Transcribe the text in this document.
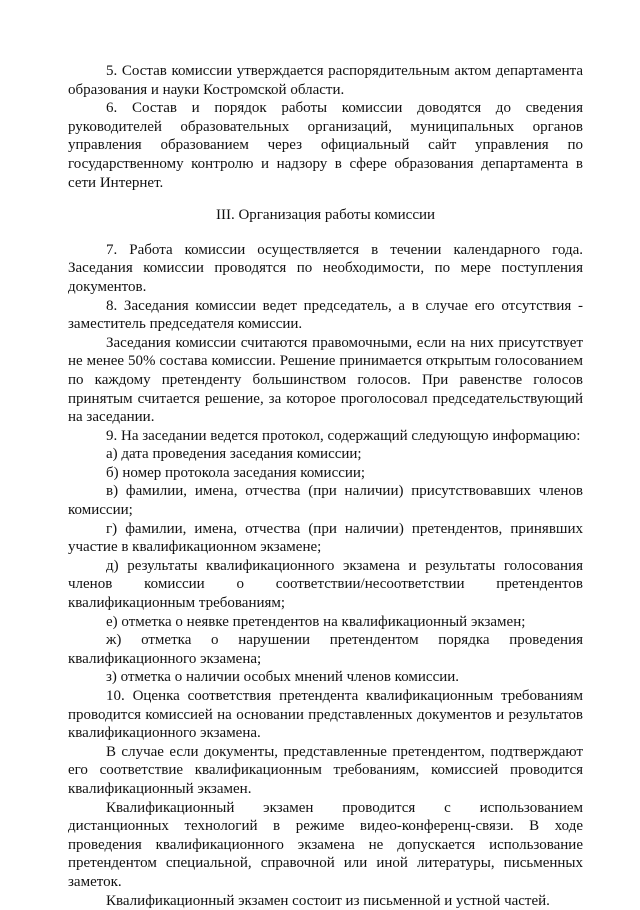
5. Состав комиссии утверждается распорядительным актом департамента образования и науки Костромской области.

6. Состав и порядок работы комиссии доводятся до сведения руководителей образовательных организаций, муниципальных органов управления образованием через официальный сайт управления по государственному контролю и надзору в сфере образования департамента в сети Интернет.

III. Организация работы комиссии

7. Работа комиссии осуществляется в течении календарного года. Заседания комиссии проводятся по необходимости, по мере поступления документов.

8. Заседания комиссии ведет председатель, а в случае его отсутствия - заместитель председателя комиссии.

Заседания комиссии считаются правомочными, если на них присутствует не менее 50% состава комиссии. Решение принимается открытым голосованием по каждому претенденту большинством голосов. При равенстве голосов принятым считается решение, за которое проголосовал председательствующий на заседании.

9. На заседании ведется протокол, содержащий следующую информацию:

а) дата проведения заседания комиссии;

б) номер протокола заседания комиссии;

в) фамилии, имена, отчества (при наличии) присутствовавших членов комиссии;

г) фамилии, имена, отчества (при наличии) претендентов, принявших участие в квалификационном экзамене;

д) результаты квалификационного экзамена и результаты голосования членов комиссии о соответствии/несоответствии претендентов квалификационным требованиям;

е) отметка о неявке претендентов на квалификационный экзамен;

ж) отметка о нарушении претендентом порядка проведения квалификационного экзамена;

з) отметка о наличии особых мнений членов комиссии.

10. Оценка соответствия претендента квалификационным требованиям проводится комиссией на основании представленных документов и результатов квалификационного экзамена.

В случае если документы, представленные претендентом, подтверждают его соответствие квалификационным требованиям, комиссией проводится квалификационный экзамен.

Квалификационный экзамен проводится с использованием дистанционных технологий в режиме видео-конференц-связи. В ходе проведения квалификационного экзамена не допускается использование претендентом специальной, справочной или иной литературы, письменных заметок.

Квалификационный экзамен состоит из письменной и устной частей.
